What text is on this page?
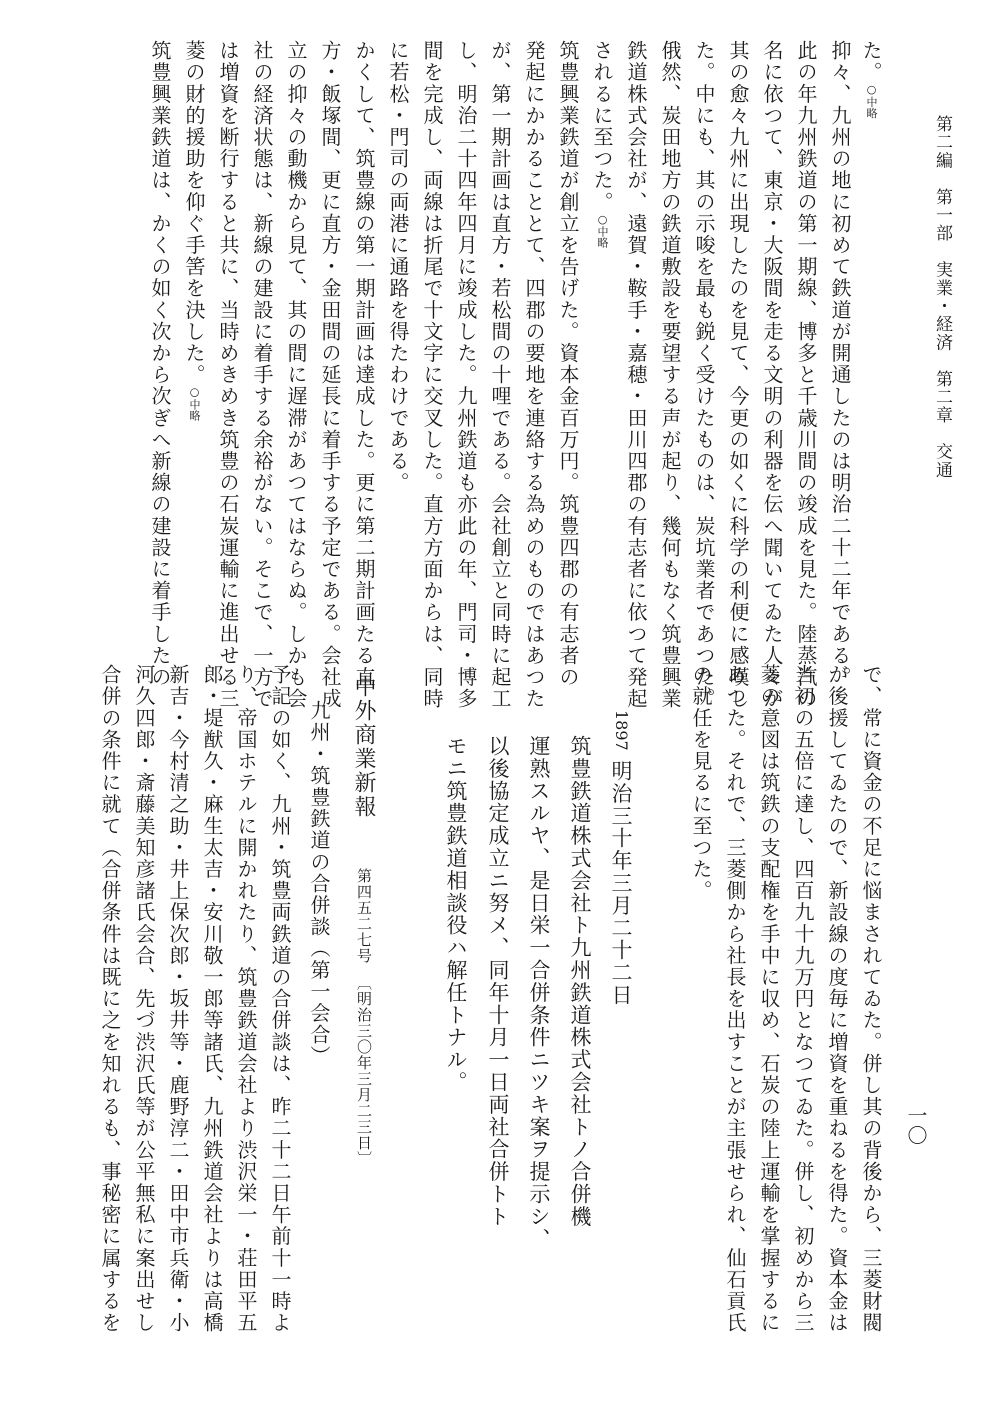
第二編　第一部　実業・経済　第二章　交通
一〇
た。○中略
抑々、九州の地に初めて鉄道が開通したのは明治二十二年である。
此の年九州鉄道の第一期線、博多と千歳川間の竣成を見た。陸蒸汽の
名に依つて、東京・大阪間を走る文明の利器を伝へ聞いてゐた人々が
其の愈々九州に出現したのを見て、今更の如くに科学の利便に感嘆し
た。中にも、其の示唆を最も鋭く受けたものは、炭坑業者であつた。
俄然、炭田地方の鉄道敷設を要望する声が起り、幾何もなく筑豊興業
鉄道株式会社が、遠賀・鞍手・嘉穂・田川四郡の有志者に依つて発起
されるに至つた。○中略
筑豊興業鉄道が創立を告げた。資本金百万円。筑豊四郡の有志者の
発起にかかることとて、四郡の要地を連絡する為めのものではあつた
が、第一期計画は直方・若松間の十哩である。会社創立と同時に起工
し、明治二十四年四月に竣成した。九州鉄道も亦此の年、門司・博多
間を完成し、両線は折尾で十文字に交叉した。直方方面からは、同時
に若松・門司の両港に通路を得たわけである。
かくして、筑豊線の第一期計画は達成した。更に第二期計画たる直
方・飯塚間、更に直方・金田間の延長に着手する予定である。会社成
立の抑々の動機から見て、其の間に遅滞があつてはならぬ。しかも会
社の経済状態は、新線の建設に着手する余裕がない。そこで、一方で
は増資を断行すると共に、当時めきめき筑豊の石炭運輸に進出せる三
菱の財的援助を仰ぐ手筈を決した。○中略
筑豊興業鉄道は、かくの如く次から次ぎへ新線の建設に着手したの
で、常に資金の不足に悩まされてゐた。併し其の背後から、三菱財閥
が後援してゐたので、新設線の度毎に増資を重ねるを得た。資本金は
当初の五倍に達し、四百九十九万円となつてゐた。併し、初めから三
菱の意図は筑鉄の支配権を手中に収め、石炭の陸上運輸を掌握するに
あつた。それで、三菱側から社長を出すことが主張せられ、仙石貢氏
の就任を見るに至つた。
1897
明治三十年三月二十二日
筑豊鉄道株式会社ト九州鉄道株式会社トノ合併機
運熟スルヤ、是日栄一合併条件ニツキ案ヲ提示シ、
以後協定成立ニ努メ、同年十月一日両社合併トト
モニ筑豊鉄道相談役ハ解任トナル。
中外商業新報
第四五二七号
〔明治三〇年三月二三日〕
九州・筑豊鉄道の合併談（第一会合）
予記の如く、九州・筑豊両鉄道の合併談は、昨二十二日午前十一時よ
り、帝国ホテルに開かれたり、筑豊鉄道会社より渋沢栄一・荘田平五
郎・堤猷久・麻生太吉・安川敬一郎等諸氏、九州鉄道会社よりは高橋
新吉・今村清之助・井上保次郎・坂井等・鹿野淳二・田中市兵衛・小
河久四郎・斎藤美知彦諸氏会合、先づ渋沢氏等が公平無私に案出せし
合併の条件に就て（合併条件は既に之を知れるも、事秘密に属するを
